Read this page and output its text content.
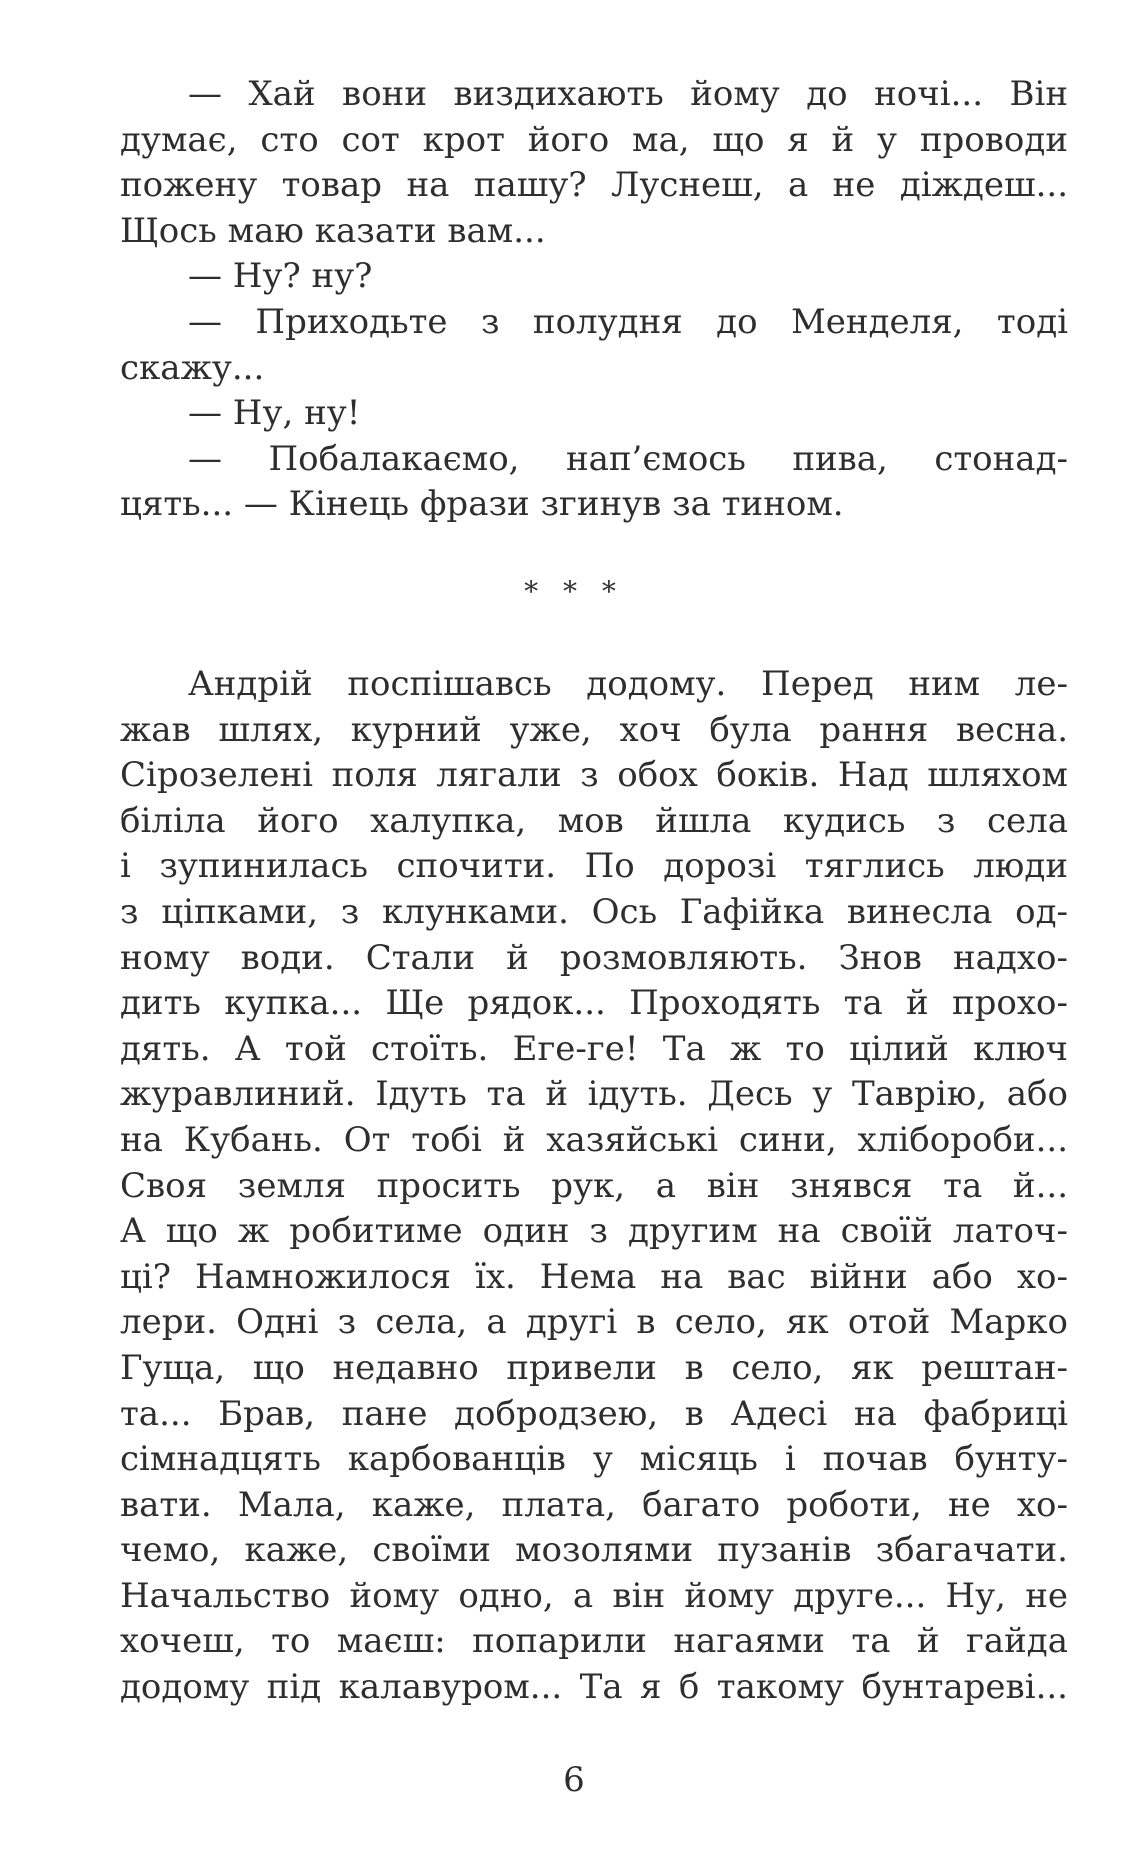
— Хай вони виздихають йому до ночі... Він
думає, сто сот крот його ма, що я й у проводи
пожену товар на пашу? Луснеш, а не діждеш...
Щось маю казати вам...
— Ну? ну?
— Приходьте з полудня до Менделя, тоді
скажу...
— Ну, ну!
— Побалакаємо, нап’ємось пива, стонад-
цять... — Кінець фрази згинув за тином.
* * *
Андрій поспішавсь додому. Перед ним ле-
жав шлях, курний уже, хоч була рання весна.
Сірозелені поля лягали з обох боків. Над шляхом
біліла його халупка, мов йшла кудись з села
і зупинилась спочити. По дорозі тяглись люди
з ціпками, з клунками. Ось Гафійка винесла од-
ному води. Стали й розмовляють. Знов надхо-
дить купка... Ще рядок... Проходять та й прохо-
дять. А той стоїть. Еге-ге! Та ж то цілий ключ
журавлиний. Ідуть та й ідуть. Десь у Таврію, або
на Кубань. От тобі й хазяйські сини, хлібороби...
Своя земля просить рук, а він знявся та й...
А що ж робитиме один з другим на своїй латоч-
ці? Намножилося їх. Нема на вас війни або хо-
лери. Одні з села, а другі в село, як отой Марко
Гуща, що недавно привели в село, як рештан-
та... Брав, пане добродзею, в Адесі на фабриці
сімнадцять карбованців у місяць і почав бунту-
вати. Мала, каже, плата, багато роботи, не хо-
чемо, каже, своїми мозолями пузанів збагачати.
Начальство йому одно, а він йому друге... Ну, не
хочеш, то маєш: попарили нагаями та й гайда
додому під калавуром... Та я б такому бунтареві...
6
